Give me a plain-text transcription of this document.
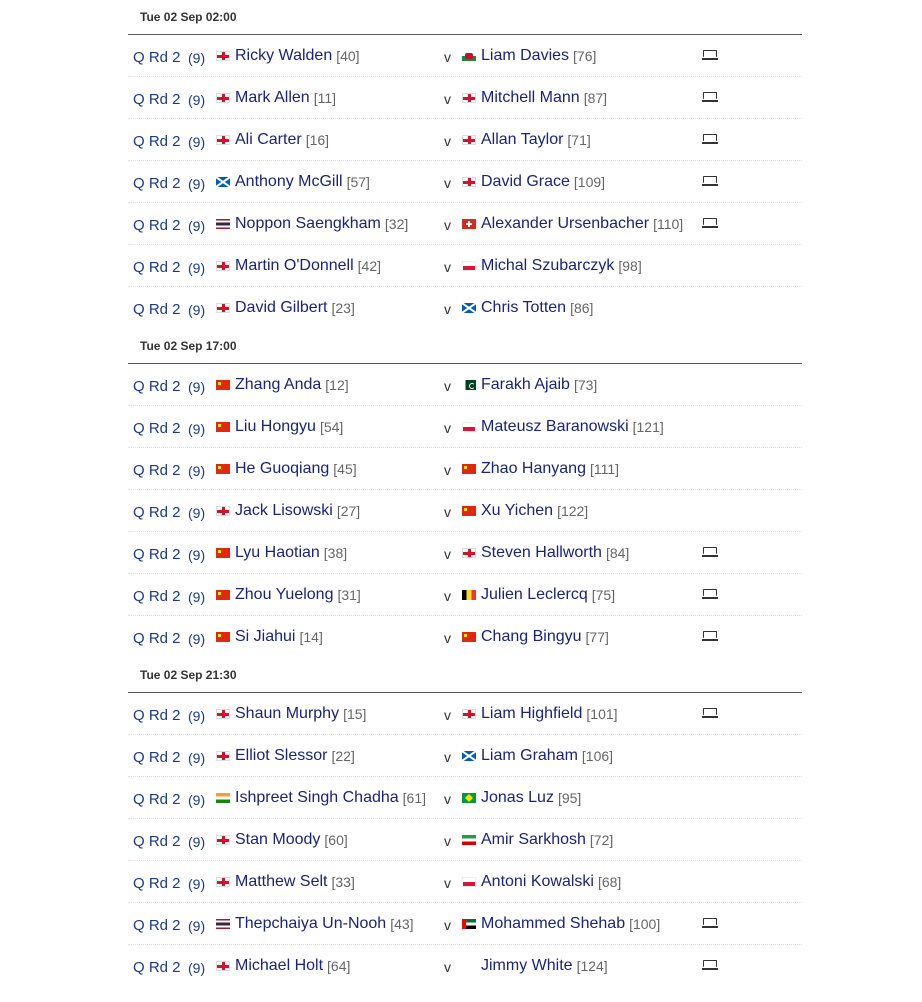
Tue 02 Sep 02:00
Q Rd 2 (9) Ricky Walden [40]	Liam Davies [76]
v
Q Rd 2 (9) Mark Allen [11]	Mitchell Mann [87]
v
Q Rd 2 (9) Ali Carter [16]	Allan Taylor [71]
v
Q Rd 2 (9) Anthony McGill [57]	David Grace [109]
v
Q Rd 2 (9) Noppon Saengkham [32]	Alexander Ursenbacher [110]
v
Q Rd 2 (9) Martin O'Donnell [42]	Michal Szubarczyk [98]
v
Q Rd 2 (9) David Gilbert [23]	Chris Totten [86]
v
Tue 02 Sep 17:00
Q Rd 2 (9) Zhang Anda [12]	Farakh Ajaib [73]
v
Q Rd 2 (9) Liu Hongyu [54]	Mateusz Baranowski [121]
v
Q Rd 2 (9) He Guoqiang [45]	Zhao Hanyang [111]
v
Q Rd 2 (9) Jack Lisowski [27]	Xu Yichen [122]
v
Q Rd 2 (9) Lyu Haotian [38]	Steven Hallworth [84]
v
Q Rd 2 (9) Zhou Yuelong [31]	Julien Leclercq [75]
v
Q Rd 2 (9) Si Jiahui [14]	Chang Bingyu [77]
v
Tue 02 Sep 21:30
Q Rd 2 (9) Shaun Murphy [15]	Liam Highfield [101]
v
Q Rd 2 (9) Elliot Slessor [22]	Liam Graham [106]
v
Q Rd 2 (9) Ishpreet Singh Chadha [61]	Jonas Luz [95]
v
Q Rd 2 (9) Stan Moody [60]	Amir Sarkhosh [72]
v
Q Rd 2 (9) Matthew Selt [33]	Antoni Kowalski [68]
v
Q Rd 2 (9) Thepchaiya Un-Nooh [43]	Mohammed Shehab [100]
v
Q Rd 2 (9) Michael Holt [64]	Jimmy White [124]
v
